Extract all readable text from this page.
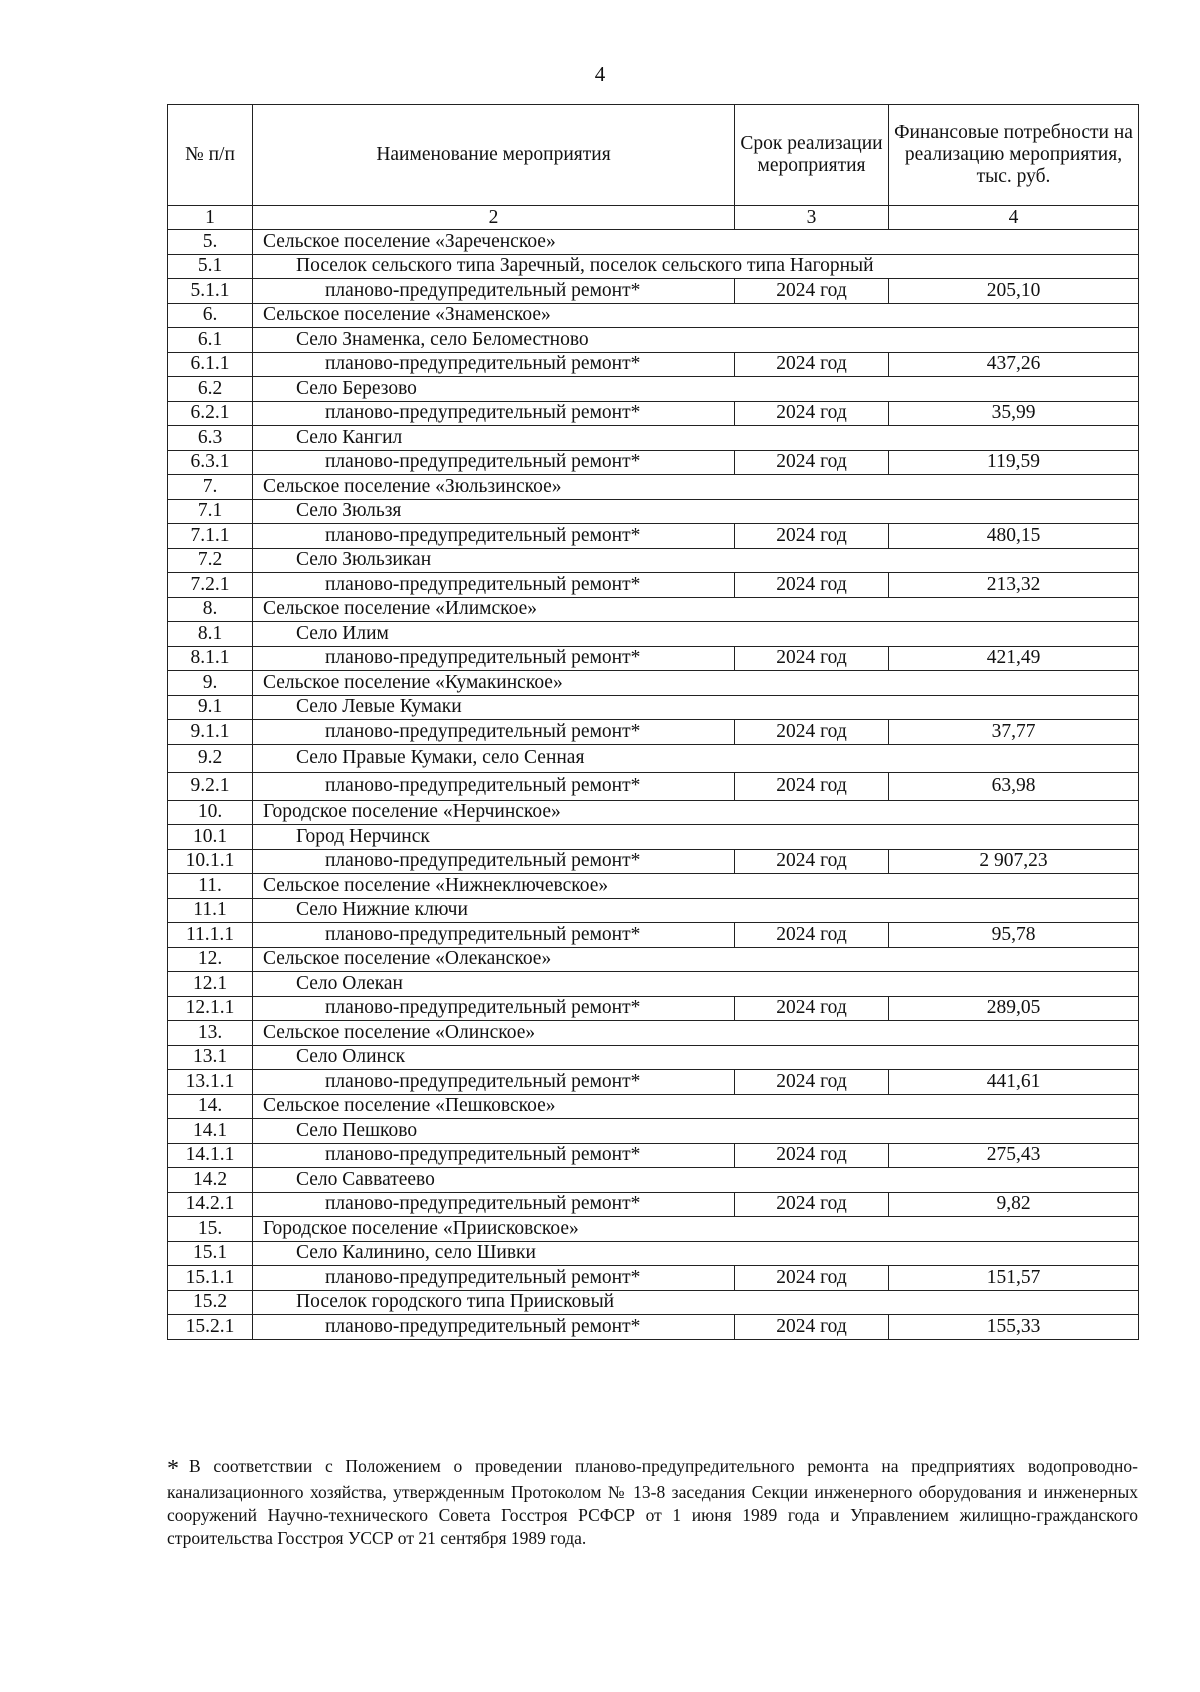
4
№ п/п	Наименование мероприятия	Срок реализации мероприятия	Финансовые потребности на реализацию мероприятия, тыс. руб.
1	2	3	4
5.	Сельское поселение «Зареченское»		
5.1	Поселок сельского типа Заречный, поселок сельского типа Нагорный		
5.1.1	планово-предупредительный ремонт*	2024 год	205,10
6.	Сельское поселение «Знаменское»		
6.1	Село Знаменка, село Беломестново		
6.1.1	планово-предупредительный ремонт*	2024 год	437,26
6.2	Село Березово		
6.2.1	планово-предупредительный ремонт*	2024 год	35,99
6.3	Село Кангил		
6.3.1	планово-предупредительный ремонт*	2024 год	119,59
7.	Сельское поселение «Зюльзинское»		
7.1	Село Зюльзя		
7.1.1	планово-предупредительный ремонт*	2024 год	480,15
7.2	Село Зюльзикан		
7.2.1	планово-предупредительный ремонт*	2024 год	213,32
8.	Сельское поселение «Илимское»		
8.1	Село Илим		
8.1.1	планово-предупредительный ремонт*	2024 год	421,49
9.	Сельское поселение «Кумакинское»		
9.1	Село Левые Кумаки		
9.1.1	планово-предупредительный ремонт*	2024 год	37,77
9.2	Село Правые Кумаки, село Сенная		
9.2.1	планово-предупредительный ремонт*	2024 год	63,98
10.	Городское поселение «Нерчинское»		
10.1	Город Нерчинск		
10.1.1	планово-предупредительный ремонт*	2024 год	2 907,23
11.	Сельское поселение «Нижнеключевское»		
11.1	Село Нижние ключи		
11.1.1	планово-предупредительный ремонт*	2024 год	95,78
12.	Сельское поселение «Олеканское»		
12.1	Село Олекан		
12.1.1	планово-предупредительный ремонт*	2024 год	289,05
13.	Сельское поселение «Олинское»		
13.1	Село Олинск		
13.1.1	планово-предупредительный ремонт*	2024 год	441,61
14.	Сельское поселение «Пешковское»		
14.1	Село Пешково		
14.1.1	планово-предупредительный ремонт*	2024 год	275,43
14.2	Село Савватеево		
14.2.1	планово-предупредительный ремонт*	2024 год	9,82
15.	Городское поселение «Приисковское»		
15.1	Село Калинино, село Шивки		
15.1.1	планово-предупредительный ремонт*	2024 год	151,57
15.2	Поселок городского типа Приисковый		
15.2.1	планово-предупредительный ремонт*	2024 год	155,33
* В соответствии с Положением о проведении планово-предупредительного ремонта на предприятиях водопроводно-канализационного хозяйства, утвержденным Протоколом № 13-8 заседания Секции инженерного оборудования и инженерных сооружений Научно-технического Совета Госстроя РСФСР от 1 июня 1989 года и Управлением жилищно-гражданского строительства Госстроя УССР от 21 сентября 1989 года.
